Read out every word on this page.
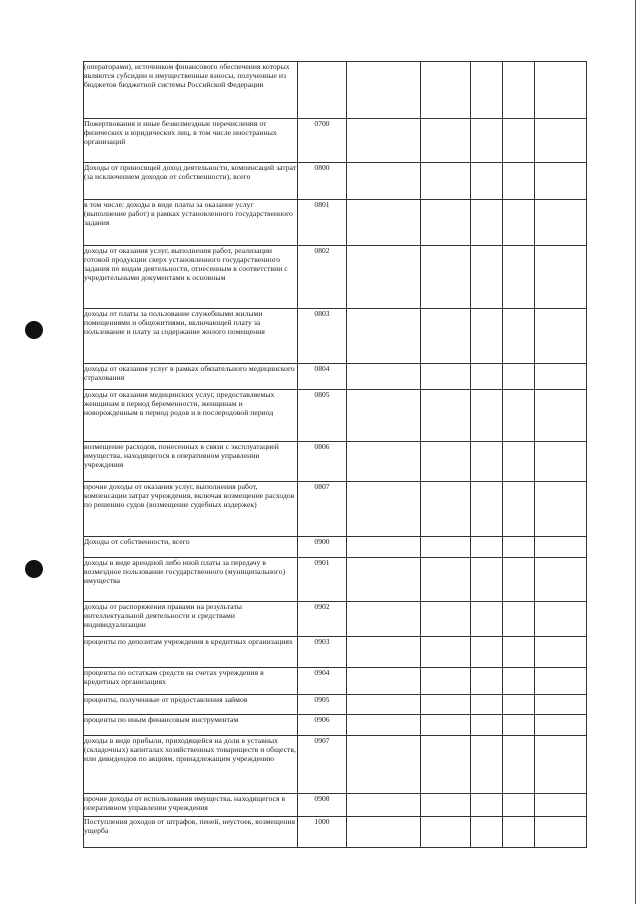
(операторами), источником финансового обеспечения которых являются субсидии и имущественные взносы, полученные из бюджетов бюджетной системы Российской Федерации						
Пожертвования и иные безвозмездные перечисления от физических и юридических лиц, в том числе иностранных организаций	0700					
Доходы от приносящей доход деятельности, компенсаций затрат (за исключением доходов от собственности), всего	0800					
в том числе: доходы в виде платы за оказание услуг (выполнение работ) в рамках установленного государственного задания	0801					
доходы от оказания услуг, выполнения работ, реализации готовой продукции сверх установленного государственного задания по видам деятельности, отнесенным в соответствии с учредительными документами к основным	0802					
доходы от платы за пользование служебными жилыми помещениями и общежитиями, включающей плату за пользование и плату за содержание жилого помещения	0803					
доходы от оказания услуг в рамках обязательного медицинского страхования	0804					
доходы от оказания медицинских услуг, предоставляемых женщинам в период беременности, женщинам и новорожденным в период родов и в послеродовой период	0805					
возмещение расходов, понесенных в связи с эксплуатацией имущества, находящегося в оперативном управлении учреждения	0806					
прочие доходы от оказания услуг, выполнения работ, компенсации затрат учреждения, включая возмещение расходов по решению судов (возмещение судебных издержек)	0807					
Доходы от собственности, всего	0900					
доходы в виде арендной либо иной платы за передачу в возмездное пользование государственного (муниципального) имущества	0901					
доходы от распоряжения правами на результаты интеллектуальной деятельности и средствами индивидуализации	0902					
проценты по депозитам учреждения в кредитных организациях	0903					
проценты по остаткам средств на счетах учреждения в кредитных организациях	0904					
проценты, полученные от предоставления займов	0905					
проценты по иным финансовым инструментам	0906					
доходы в виде прибыли, приходящейся на доли в уставных (складочных) капиталах хозяйственных товариществ и обществ, или дивидендов по акциям, принадлежащим учреждению	0907					
прочие доходы от использования имущества, находящегося в оперативном управлении учреждения	0908					
Поступления доходов от штрафов, пеней, неустоек, возмещения ущерба	1000					
